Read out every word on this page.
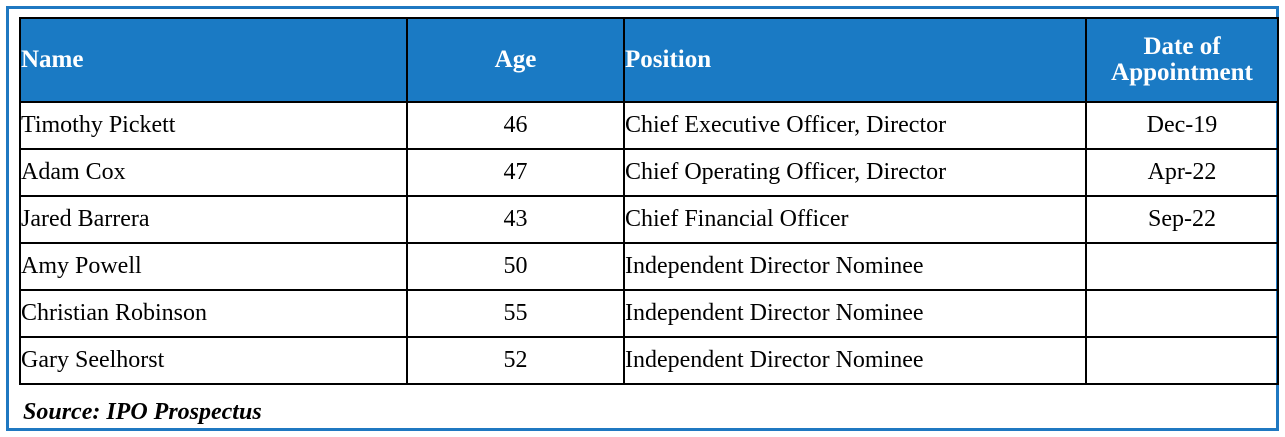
Name	Age	Position	Date of
Appointment

Timothy Pickett	46	Chief Executive Officer, Director	Dec-19
Adam Cox	47	Chief Operating Officer, Director	Apr-22
Jared Barrera	43	Chief Financial Officer	Sep-22
Amy Powell	50	Independent Director Nominee	
Christian Robinson	55	Independent Director Nominee	
Gary Seelhorst	52	Independent Director Nominee	
Source: IPO Prospectus
